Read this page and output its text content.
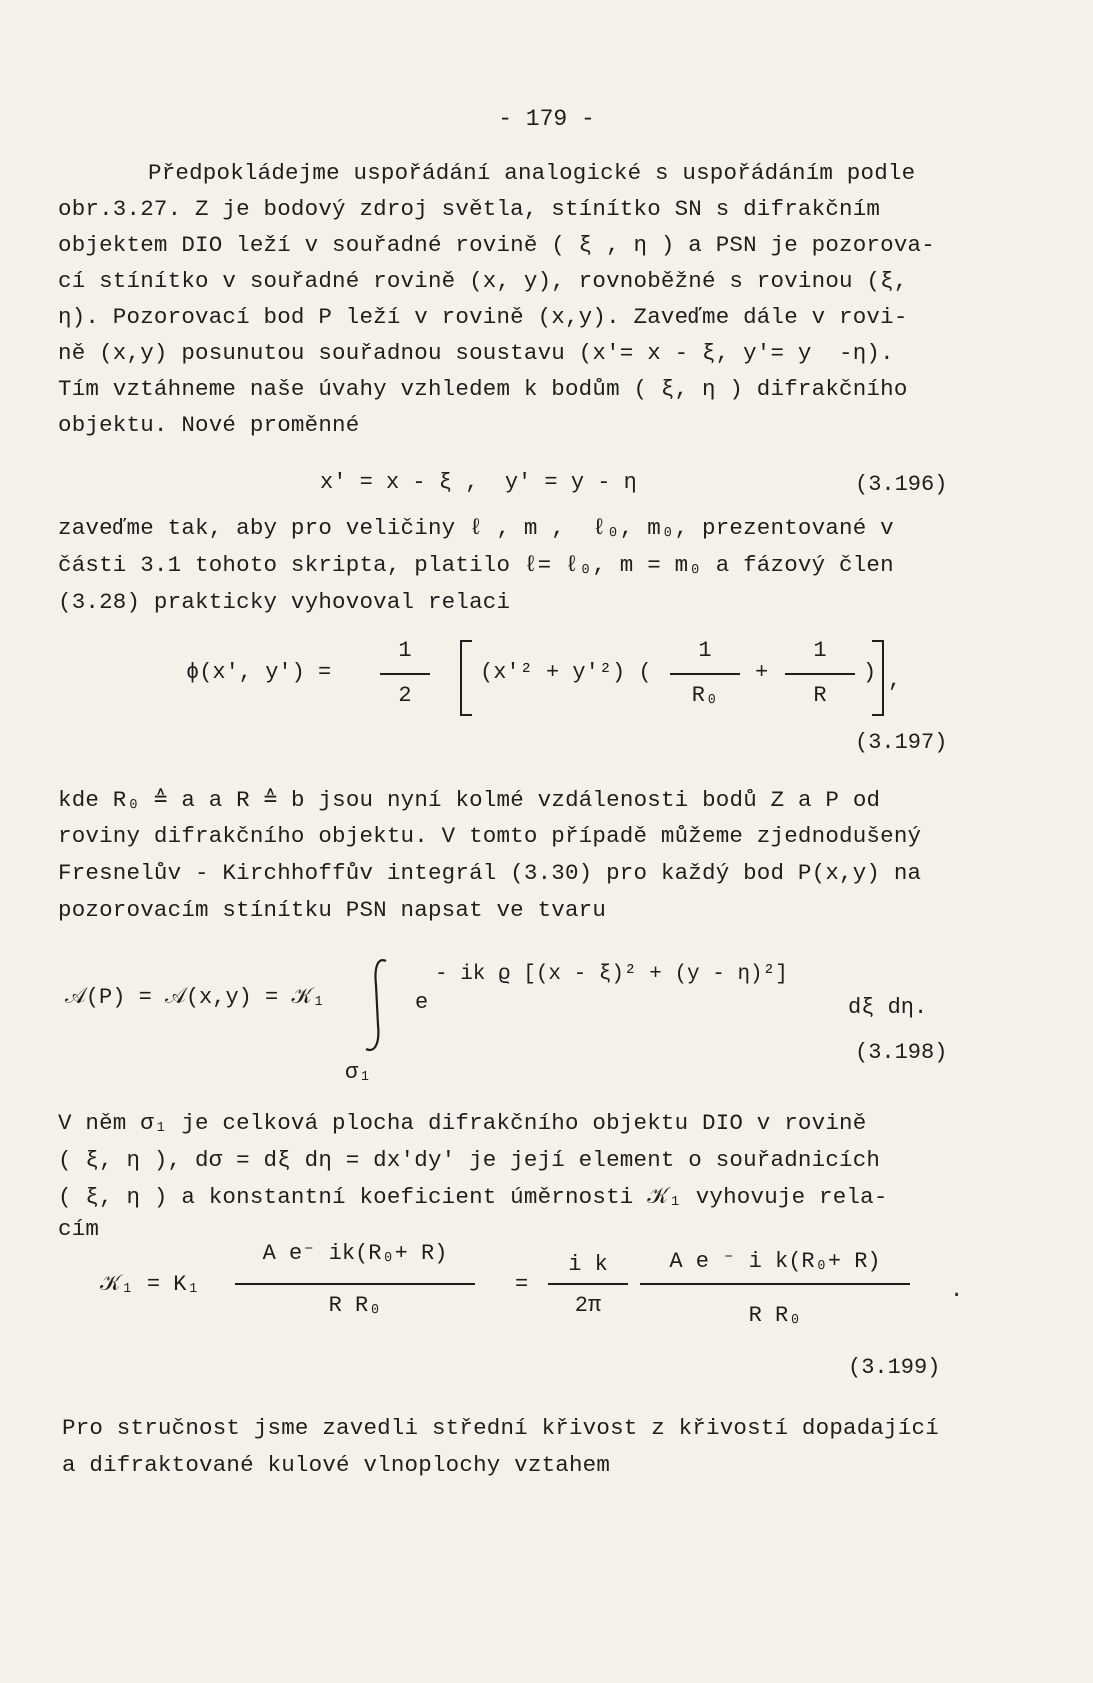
- 179 -
Předpokládejme uspořádání analogické s uspořádáním podle
obr.3.27. Z je bodový zdroj světla, stínítko SN s difrakčním
objektem DIO leží v souřadné rovině ( ξ , η ) a PSN je pozorova-
cí stínítko v souřadné rovině (x, y), rovnoběžné s rovinou (ξ,
η). Pozorovací bod P leží v rovině (x,y). Zaveďme dále v rovi-
ně (x,y) posunutou souřadnou soustavu (x'= x - ξ, y'= y  -η).
Tím vztáhneme naše úvahy vzhledem k bodům ( ξ, η ) difrakčního
objektu. Nové proměnné
x' = x - ξ ,  y' = y - η	(3.196)
zaveďme tak, aby pro veličiny ℓ , m ,  ℓ₀, m₀, prezentované v
části 3.1 tohoto skripta, platilo ℓ= ℓ₀, m = m₀ a fázový člen
(3.28) prakticky vyhovoval relaci
ϕ(x', y') =
1
2
(x'² + y'²) (
1
R₀
+
1
R
) ,
(3.197)
kde R₀ ≙ a a R ≙ b jsou nyní kolmé vzdálenosti bodů Z a P od
roviny difrakčního objektu. V tomto případě můžeme zjednodušený
Fresnelův - Kirchhoffův integrál (3.30) pro každý bod P(x,y) na
pozorovacím stínítku PSN napsat ve tvaru
𝒜(P) = 𝒜(x,y) = 𝒦₁	e
- ik ϱ [(x - ξ)² + (y - η)²]
dξ dη.
σ₁
(3.198)
V něm σ₁ je celková plocha difrakčního objektu DIO v rovině
( ξ, η ), dσ = dξ dη = dx'dy' je její element o souřadnicích
( ξ, η ) a konstantní koeficient úměrnosti 𝒦₁ vyhovuje rela-
cím
𝒦₁ = K₁
A e⁻ ik(R₀+ R)
R R₀
=
i k
2π
A e ⁻ i k(R₀+ R)
R R₀
.
(3.199)
Pro stručnost jsme zavedli střední křivost z křivostí dopadající
a difraktované kulové vlnoplochy vztahem
